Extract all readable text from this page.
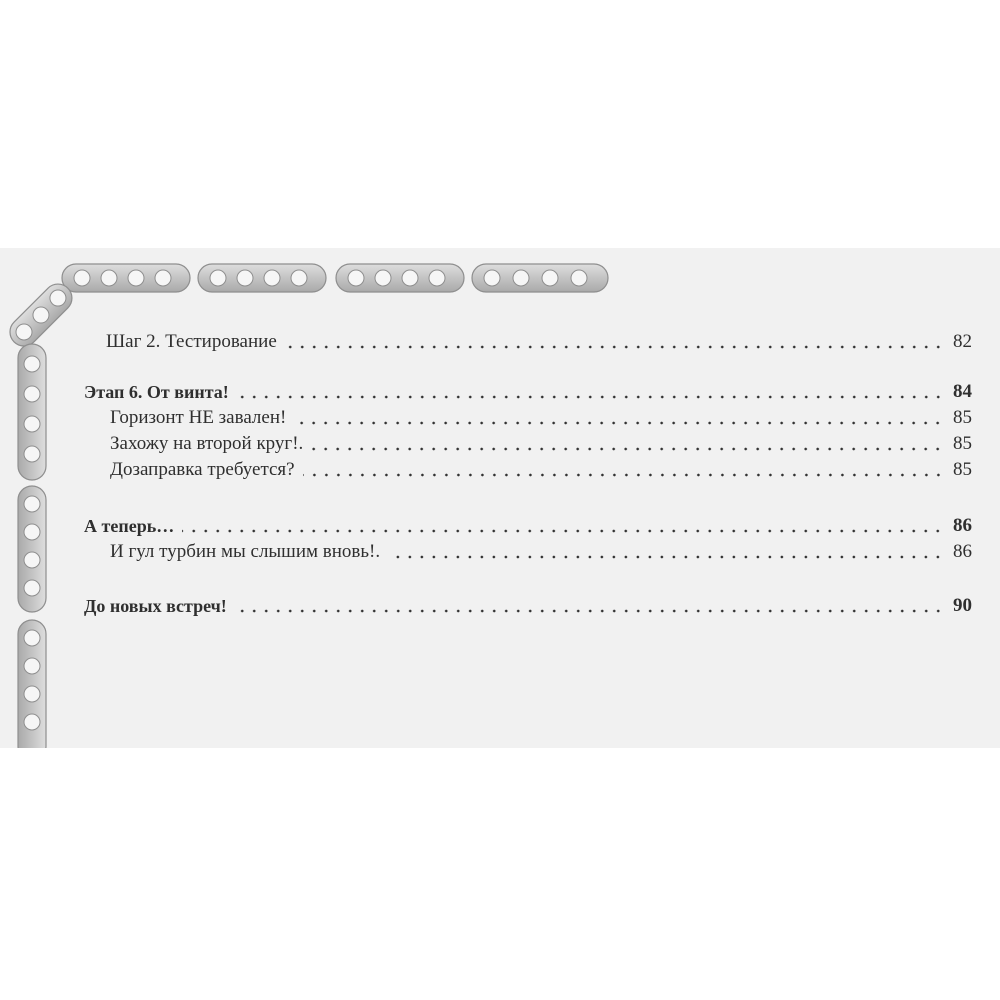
Шаг 2. Тестирование	82
Этап 6. От винта!	84
Горизонт НЕ завален!	85
Захожу на второй круг!.	85
Дозаправка требуется?	85
А теперь…	86
И гул турбин мы слышим вновь!.	86
До новых встреч!	90
